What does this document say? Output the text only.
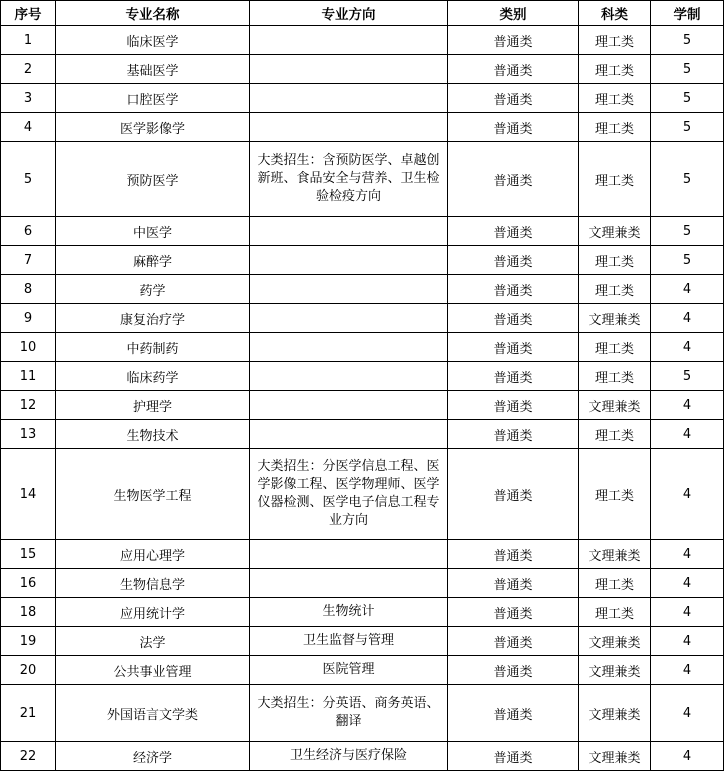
序号	专业名称	专业方向	类别	科类	学制
1	临床医学		普通类	理工类	5
2	基础医学		普通类	理工类	5
3	口腔医学		普通类	理工类	5
4	医学影像学		普通类	理工类	5
5	预防医学	大类招生：含预防医学、卓越创新班、食品安全与营养、卫生检验检疫方向	普通类	理工类	5
6	中医学		普通类	文理兼类	5
7	麻醉学		普通类	理工类	5
8	药学		普通类	理工类	4
9	康复治疗学		普通类	文理兼类	4
10	中药制药		普通类	理工类	4
11	临床药学		普通类	理工类	5
12	护理学		普通类	文理兼类	4
13	生物技术		普通类	理工类	4
14	生物医学工程	大类招生：分医学信息工程、医学影像工程、医学物理师、医学仪器检测、医学电子信息工程专业方向	普通类	理工类	4
15	应用心理学		普通类	文理兼类	4
16	生物信息学		普通类	理工类	4
18	应用统计学	生物统计	普通类	理工类	4
19	法学	卫生监督与管理	普通类	文理兼类	4
20	公共事业管理	医院管理	普通类	文理兼类	4
21	外国语言文学类	大类招生：分英语、商务英语、翻译	普通类	文理兼类	4
22	经济学	卫生经济与医疗保险	普通类	文理兼类	4
